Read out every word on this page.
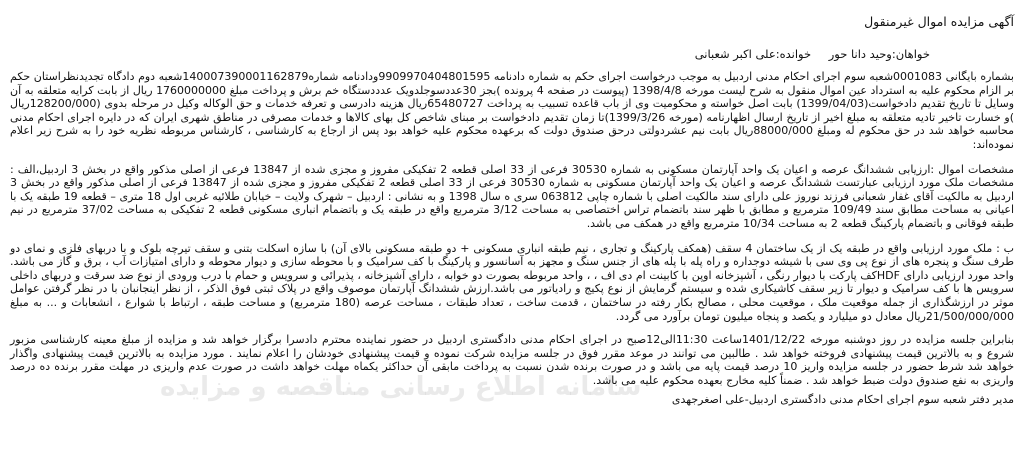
آگهی مزایده اموال غیرمنقول
خواهان:وحید دانا حور خوانده:علی اکبر شعبانی

بشماره بایگانی 0001083شعبه سوم اجرای احکام مدنی اردبیل به موجب درخواست اجرای حکم به شماره دادنامه 9909970404801595ودادنامه شماره140007390001162879شعبه دوم دادگاه تجدیدنظراستان حکم بر الزام محکوم علیه به استرداد عین اموال منقول به شرح لیست مورخه 1398/4/8 (پیوست در صفحه 4 پرونده )بجز 30عددسوجلدویک عدددستگاه خم برش و پرداخت مبلغ 1760000000 ریال از بابت کرایه متعلقه به آن وسایل تا تاریخ تقدیم دادخواست(1399/04/03) بابت اصل خواسته و محکومیت وی از باب قاعده تسبیب به پرداخت 65480727ریال هزینه دادرسی و تعرفه خدمات و حق الوکاله وکیل در مرحله بدوی (128200/000ریال )و خسارت تاخیر تادیه متعلقه به مبلغ اخیر از تاریخ ارسال اظهارنامه (مورخه 1399/3/26)تا زمان تقدیم دادخواست بر مبنای شاخص کل بهای کالاها و خدمات مصرفی در مناطق شهری ایران که در دایره اجرای احکام مدنی محاسبه خواهد شد در حق محکوم له ومبلغ 88000/000ریال بابت نیم عشردولتی درحق صندوق دولت که برعهده محکوم علیه خواهد بود پس از ارجاع به کارشناسی ، کارشناس مربوطه نظریه خود را به شرح زیر اعلام نموده‌اند:

مشخصات اموال :ارزیابی ششدانگ عرصه و اعیان یک واحد آپارتمان مسکونی به شماره 30530 فرعی از 33 اصلی قطعه 2 تفکیکی مفروز و مجزی شده از 13847 فرعی از اصلی مذکور واقع در بخش 3 اردبیل،الف : مشخصات ملک مورد ارزیابی عبارتست ششدانگ عرصه و اعیان یک واحد آپارتمان مسکونی به شماره 30530 فرعی از 33 اصلی قطعه 2 تفکیکی مفروز و مجزی شده از 13847 فرعی از اصلی مذکور واقع در بخش 3 اردبیل به مالکیت آقای غفار شعبانی فرزند نوروز علی دارای سند مالکیت اصلی با شماره چاپی 063812 سری ه سال 1398 و به نشانی : اردبیل – شهرک ولایت – خیابان طلائیه غربی اول 18 متری – قطعه 19 طبقه یک با اعیانی به مساحت مطابق سند 109/49 مترمربع و مطابق با ظهر سند باتضمام تراس اختصاصی به مساحت 3/12 مترمربع واقع در طبقه یک و باتضمام انباری مسکونی قطعه 2 تفکیکی به مساحت 37/02 مترمربع در نیم طبقه فوقانی و باتضمام پارکینگ قطعه 2 به مساحت 10/34 مترمربع واقع در همکف می باشد.

ب : ملک مورد ارزیابی واقع در طبقه یک از یک ساختمان 4 سقف (همکف پارکینگ و تجاری ، نیم طبقه انباری مسکونی + دو طبقه مسکونی بالای آن) با سازه اسکلت بتنی و سقف تیرچه بلوک و با دربهای فلزی و نمای دو طرف سنگ و پنجره های از نوع پی وی سی با شیشه دوجداره و راه پله با پله های از جنس سنگ و مجهز به آسانسور و پارکینگ با کف سرامیک و با محوطه سازی و دیوار محوطه و دارای امتیازات آب ، برق و گاز می باشد. واحد مورد ارزیابی دارای HDFکف پارکت با دیوار رنگی ، آشپزخانه اوپن با کابینت ام دی اف ، ، واحد مربوطه بصورت دو خوابه ، دارای آشپزخانه ، پذیرائی و سرویس و حمام با درب ورودی از نوع ضد سرقت و دربهای داخلی سرویس ها با کف سرامیک و دیوار تا زیر سقف کاشیکاری شده و سیستم گرمایش از نوع پکیج و رادیاتور می باشد.ارزش ششدانگ آپارتمان موصوف واقع در پلاک ثبتی فوق الذکر ، از نظر اینجانبان با در نظر گرفتن عوامل موثر در ارزشگذاری از جمله موقعیت ملک ، موقعیت محلی ، مصالح بکار رفته در ساختمان ، قدمت ساخت ، تعداد طبقات ، مساحت عرصه (180 مترمربع) و مساحت طبقه ، ارتباط با شوارع ، انشعابات و ... به مبلغ 21/500/000/000ریال معادل دو میلیارد و یکصد و پنجاه میلیون تومان برآورد می گردد.

بنابراین جلسه مزایده در روز دوشنبه مورخه 1401/12/22ساعت 11:30الی12صبح در اجرای احکام مدنی دادگستری اردبیل در حضور نماینده محترم دادسرا برگزار خواهد شد و مزایده از مبلغ معینه کارشناسی مزبور شروع و به بالاترین قیمت پیشنهادی فروخته خواهد شد . طالبین می توانند در موعد مقرر فوق در جلسه مزایده شرکت نموده و قیمت پیشنهادی خودشان را اعلام نمایند . مورد مزایده به بالاترین قیمت پیشنهادی واگذار خواهد شد شرط حضور در جلسه مزایده واریز 10 درصد قیمت پایه می باشد و در صورت برنده شدن نسبت به پرداخت مابقی آن حداکثر یکماه مهلت خواهد داشت در صورت عدم واریزی در مهلت مقرر برنده ده درصد واریزی به نفع صندوق دولت ضبط خواهد شد . ضمناً کلیه مخارج بعهده محکوم علیه می باشد.

مدیر دفتر شعبه سوم اجرای احکام مدنی دادگستری اردبیل-علی اصغرجهدی
سامانه اطلاع رسانی مناقصه و مزایده
